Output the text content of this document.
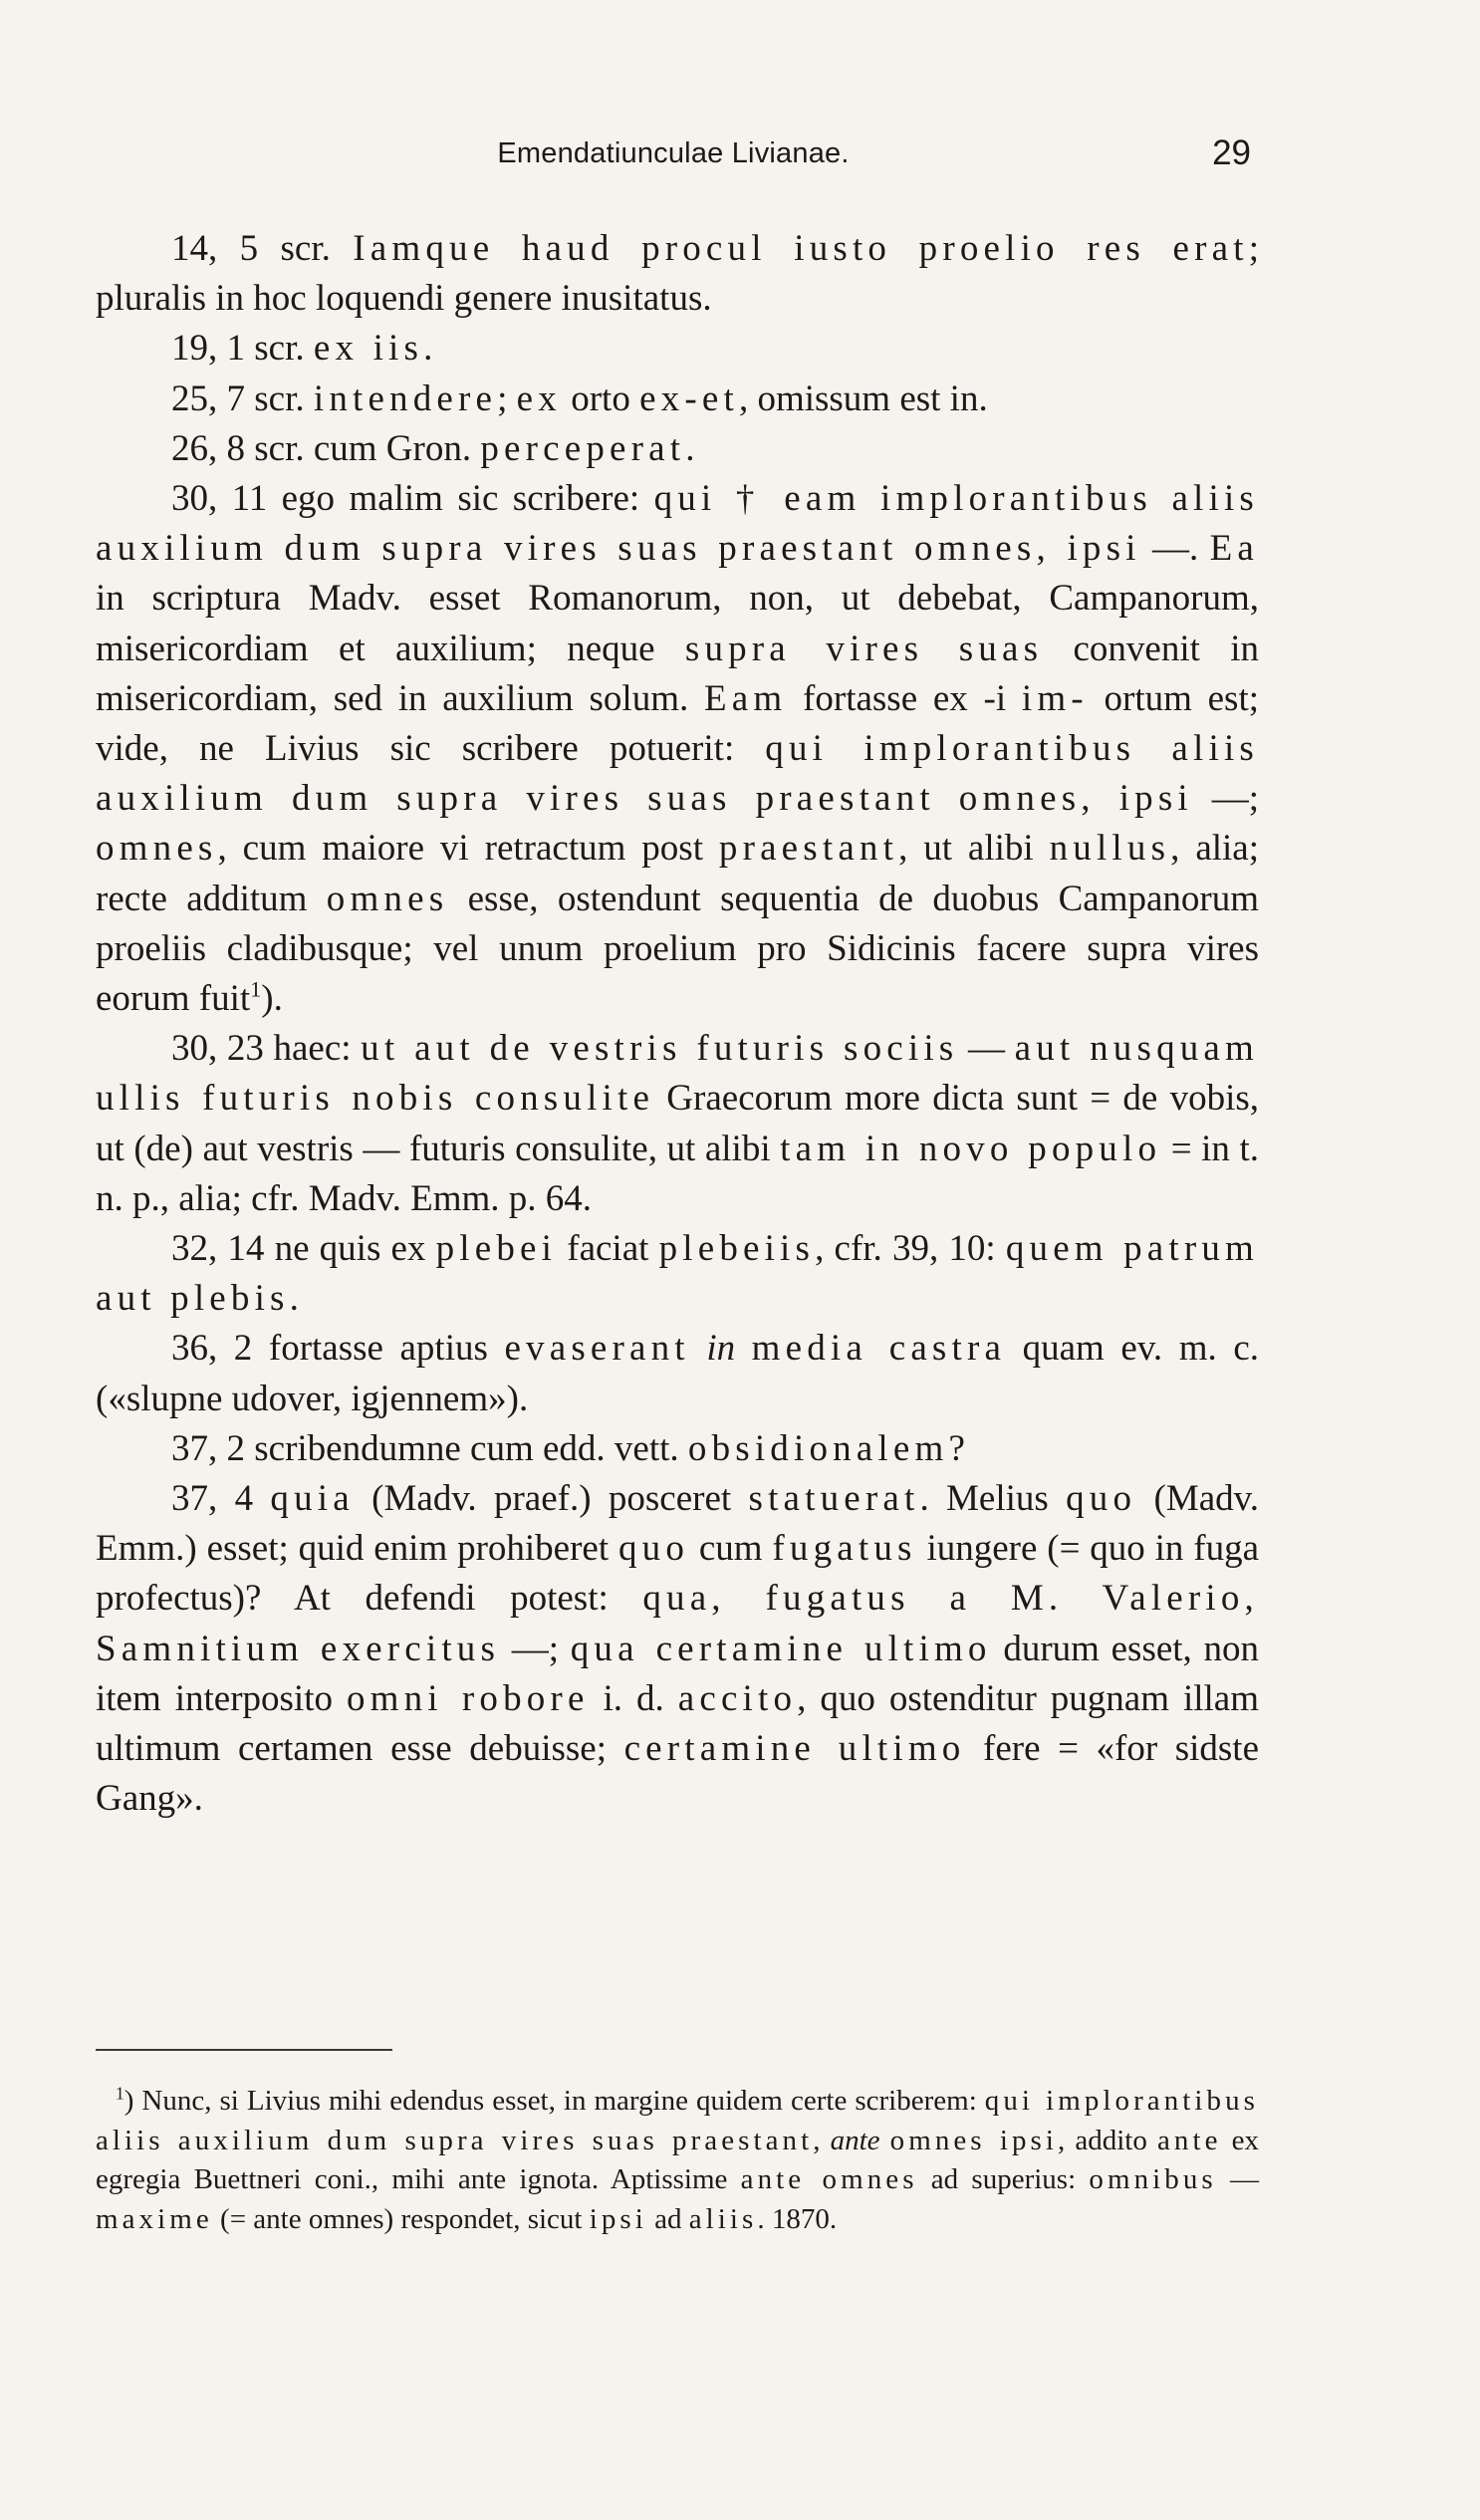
Emendatiunculae Livianae.	29

14, 5 scr. Iamque haud procul iusto proelio res erat; pluralis in hoc loquendi genere inusitatus.

19, 1 scr. ex iis.

25, 7 scr. intendere; ex orto ex-et, omissum est in.

26, 8 scr. cum Gron. perceperat.

30, 11 ego malim sic scribere: qui † eam implorantibus aliis auxilium dum supra vires suas praestant omnes, ipsi —. Ea in scriptura Madv. esset Romanorum, non, ut debebat, Campanorum, misericordiam et auxilium; neque supra vires suas convenit in misericordiam, sed in auxilium solum. Eam fortasse ex -i im- ortum est; vide, ne Livius sic scribere potuerit: qui implorantibus aliis auxilium dum supra vires suas praestant omnes, ipsi —; omnes, cum maiore vi retractum post praestant, ut alibi nullus, alia; recte additum omnes esse, ostendunt sequentia de duobus Campanorum proeliis cladibusque; vel unum proelium pro Sidicinis facere supra vires eorum fuit$^1$).

30, 23 haec: ut aut de vestris futuris sociis — aut nusquam ullis futuris nobis consulite Graecorum more dicta sunt = de vobis, ut (de) aut vestris — futuris consulite, ut alibi tam in novo populo = in t. n. p., alia; cfr. Madv. Emm. p. 64.

32, 14 ne quis ex plebei faciat plebeiis, cfr. 39, 10: quem patrum aut plebis.

36, 2 fortasse aptius evaserant in media castra quam ev. m. c. («slupne udover, igjennem»).

37, 2 scribendumne cum edd. vett. obsidionalem?

37, 4 quia (Madv. praef.) posceret statuerat. Melius quo (Madv. Emm.) esset; quid enim prohiberet quo cum fugatus iungere (= quo in fuga profectus)? At defendi potest: qua, fugatus a M. Valerio, Samnitium exercitus —; qua certamine ultimo durum esset, non item interposito omni robore i. d. accito, quo ostenditur pugnam illam ultimum certamen esse debuisse; certamine ultimo fere = «for sidste Gang».

$^1$) Nunc, si Livius mihi edendus esset, in margine quidem certe scriberem: qui implorantibus aliis auxilium dum supra vires suas praestant, ante omnes ipsi, addito ante ex egregia Buettneri coni., mihi ante ignota. Aptissime ante omnes ad superius: omnibus — maxime (= ante omnes) respondet, sicut ipsi ad aliis. 1870.
